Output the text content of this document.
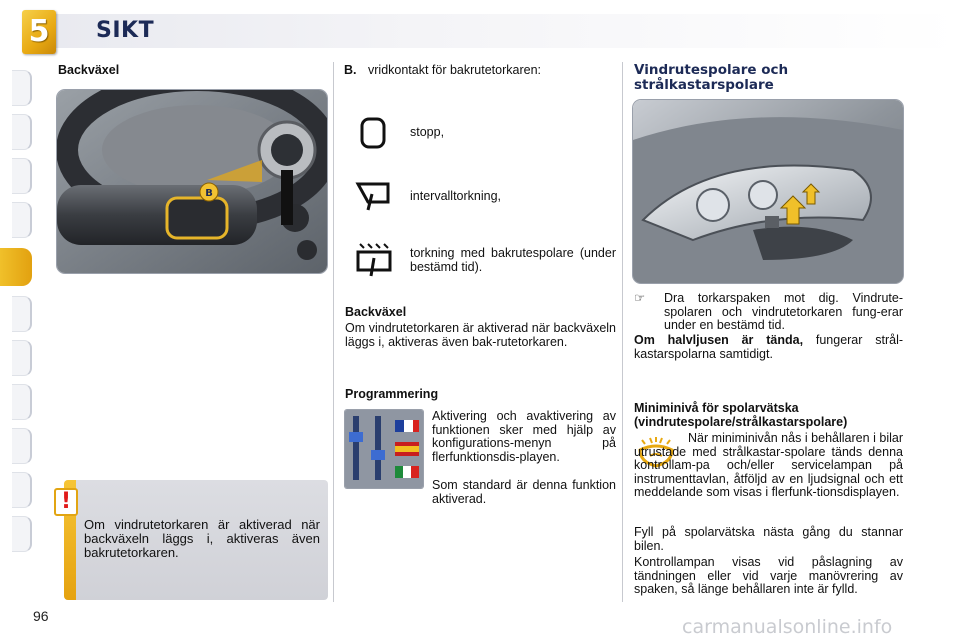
5 SIKT
Backväxel
B
!
Om vindrutetorkaren är aktiverad när backväxeln läggs i, aktiveras även bakrutetorkaren.
B. vridkontakt för bakrutetorkaren:
stopp,
intervalltorkning,
torkning med bakrutespolare (under bestämd tid).
Backväxel
Om vindrutetorkaren är aktiverad när backväxeln läggs i, aktiveras även bak-rutetorkaren.
Programmering
Aktivering och avaktivering av funktionen sker med hjälp av konfigurations-menyn på flerfunktionsdis-playen.
Som standard är denna funktion aktiverad.
Vindrutespolare och strålkastarspolare
☞ Dra torkarspaken mot dig. Vindrute-spolaren och vindrutetorkaren fung-erar under en bestämd tid.
Om halvljusen är tända, fungerar strål-kastarspolarna samtidigt.
Miniminivå för spolarvätska (vindrutespolare/strålkastarspolare)
När miniminivån nås i behållaren i bilar utrustade med strålkastar-spolare tänds denna kontrollam-pa och/eller servicelampan på instrumenttavlan, åtföljd av en ljudsignal och ett meddelande som visas i flerfunk-tionsdisplayen.
Fyll på spolarvätska nästa gång du stannar bilen.
Kontrollampan visas vid påslagning av tändningen eller vid varje manövrering av spaken, så länge behållaren inte är fylld.
96	carmanualsonline.info
